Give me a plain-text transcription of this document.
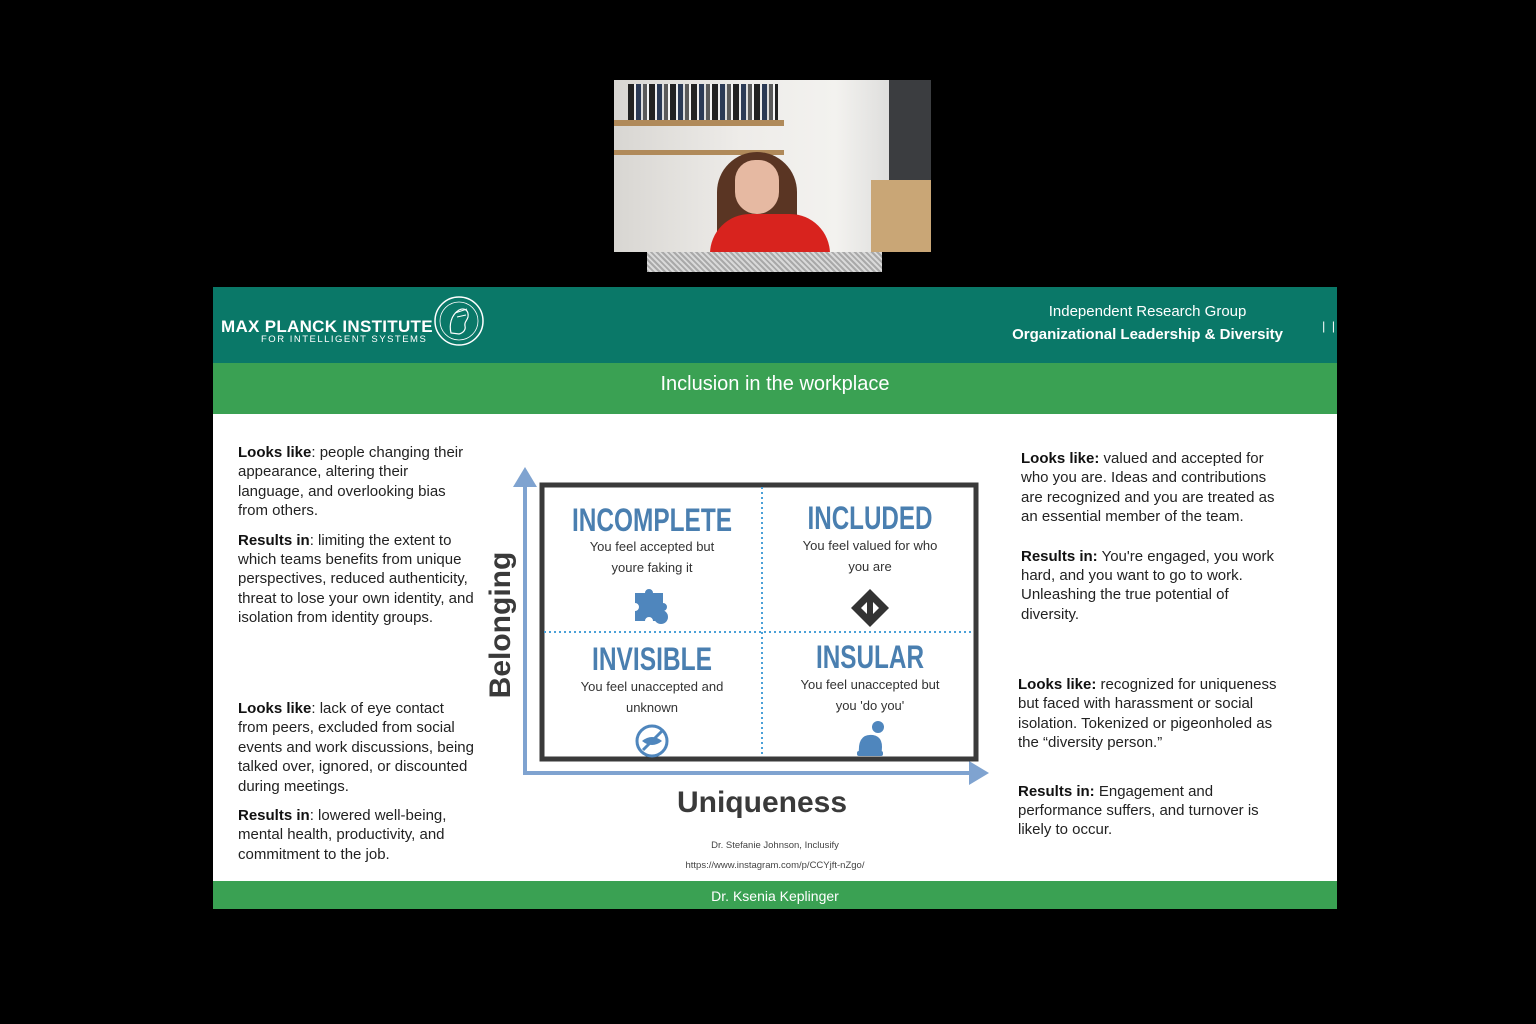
MAX PLANCK INSTITUTE
FOR INTELLIGENT SYSTEMS
Independent Research Group
Organizational Leadership & Diversity	|  |
Inclusion in the workplace

Looks like: people changing their appearance, altering their language, and overlooking bias from others.

Results in: limiting the extent to which teams benefits from unique perspectives, reduced authenticity, threat to lose your own identity, and isolation from identity groups.

Looks like: lack of eye contact from peers, excluded from social events and work discussions, being talked over, ignored, or discounted during meetings.

Results in: lowered well-being, mental health, productivity, and commitment to the job.

Looks like: valued and accepted for who you are. Ideas and contributions are recognized and you are treated as an essential member of the team.

Results in: You're engaged, you work hard, and you want to go to work. Unleashing the true potential of diversity.

Looks like: recognized for uniqueness but faced with harassment or social isolation. Tokenized or pigeonholed as the “diversity person.”

Results in: Engagement and performance suffers, and turnover is likely to occur.

Belonging
Uniqueness
INCOMPLETE
You feel accepted but
youre faking it
INCLUDED
You feel valued for who
you are
INVISIBLE
You feel unaccepted and
unknown
INSULAR
You feel unaccepted but
you 'do you'
Dr. Stefanie Johnson, Inclusify
https://www.instagram.com/p/CCYjft-nZgo/
Dr. Ksenia Keplinger
